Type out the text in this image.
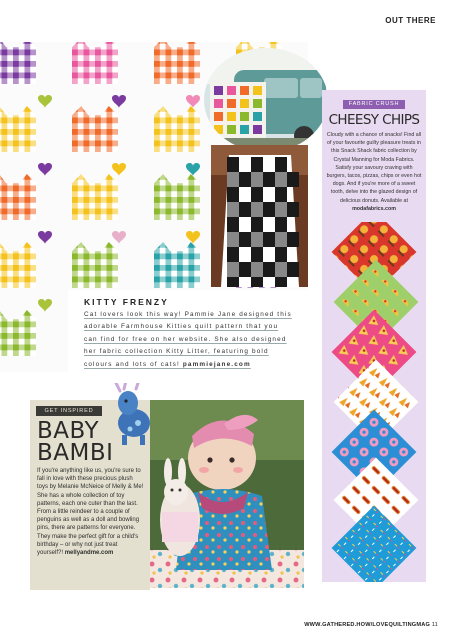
OUT THERE
KITTY FRENZY
Cat lovers look this way! Pammie Jane designed this
adorable Farmhouse Kitties quilt pattern that you
can find for free on her website. She also designed
her fabric collection Kitty Litter, featuring bold
colours and lots of cats! pammiejane.com
FABRIC CRUSH
CHEESY CHIPS
Cloudy with a chance of snacks! Find all of your favourite guilty pleasure treats in this Snack Shack fabric collection by Crystal Manning for Moda Fabrics. Satisfy your savoury craving with burgers, tacos, pizzas, chips or even hot dogs. And if you're more of a sweet tooth, delve into the glazed design of delicious donuts. Available at modafabrics.com
GET INSPIRED
BABY
BAMBI
If you're anything like us, you're sure to fall in love with these precious plush toys by Melanie McNeice of Melly & Me! She has a whole collection of toy patterns, each one cuter than the last. From a little reindeer to a couple of penguins as well as a doll and bowling pins, there are patterns for everyone. They make the perfect gift for a child's birthday – or why not just treat yourself?! mellyandme.com
WWW.GATHERED.HOW/LOVEQUILTINGMAG 11
